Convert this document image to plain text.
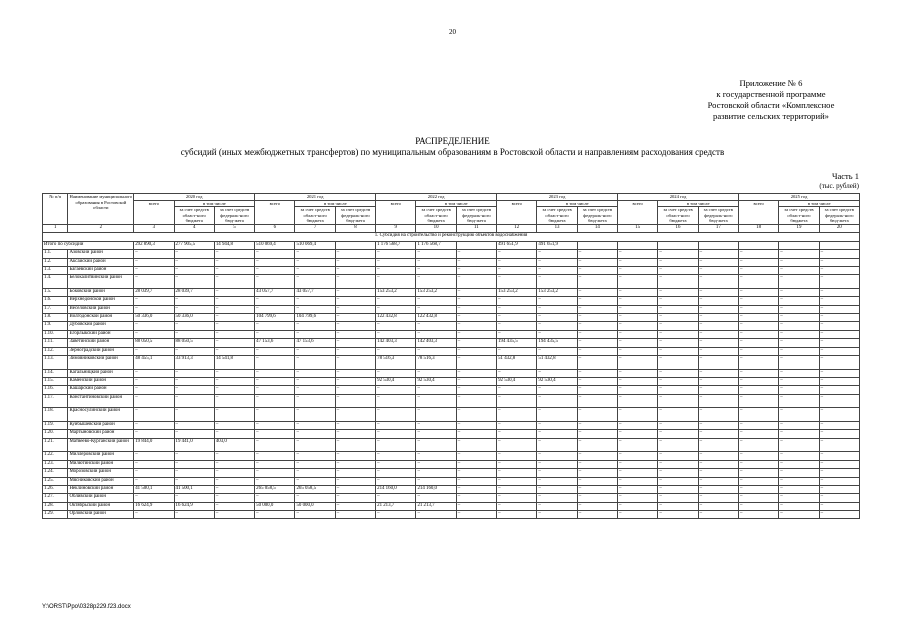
20
Приложение № 6
к государственной программе
Ростовской области «Комплексное
развитие сельских территорий»
РАСПРЕДЕЛЕНИЕ
субсидий (иных межбюджетных трансфертов) по муниципальным образованиям в Ростовской области и направлениям расходования средств
Часть 1
(тыс. рублей)
№ п/п	Наименование муниципального образования в Ростовской области	2020 год			2021 год			2022 год			2023 год			2024 год			2025 год		
		всего	в том числе		всего	в том числе		всего	в том числе		всего	в том числе		всего	в том числе		всего	в том числе	
			за счет средств област-ного бюджета	за счет средств федераль-ного бюд-жета		за счет средств област-ного бюджета	за счет средств федераль-ного бюд-жета		за счет средств област-ного бюджета	за счет средств федераль-ного бюд-жета		за счет средств област-ного бюджета	за счет средств федераль-ного бюд-жета		за счет средств област-ного бюджета	за счет средств федераль-ного бюд-жета		за счет средств област-ного бюджета	за счет средств федераль-ного бюд-жета
1	2	3	4	5	6	7	8	9	10	11	12	13	14	15	16	17	18	19	20
1. Субсидия на строительство и реконструкцию объектов водоснабжения																			
Итого по субсидии		292 890,3	277 905,5	14 944,8	510 069,4	510 069,4		1 176 568,7	1 176 568,7		491 651,9	491 651,9							
1.1.	Азовский район	–	–	–	–	–	–	–	–	–	–	–	–	–	–	–	–	–	–
1.2.	Аксайский район	–	–	–	–	–	–	–	–	–	–	–	–	–	–	–	–	–	–
1.3.	Багаевский район	–	–	–	–	–	–	–	–	–	–	–	–	–	–	–	–	–	–
1.4.	Белокалитвинский район	–	–	–	–	–	–	–	–	–	–	–	–	–	–	–	–	–	–
1.5.	Боковский район	28 039,7	28 039,7	–	43 057,7	43 057,7	–	153 253,2	153 253,2	–	153 253,2	153 253,2	–	–	–	–	–	–	–
1.6.	Верхнедонской район	–	–	–	–	–	–	–	–	–	–	–	–	–	–	–	–	–	–
1.7.	Веселовский район	–	–	–	–	–	–	–	–	–	–	–	–	–	–	–	–	–	–
1.8.	Волгодонской район	50 336,0	50 336,0	–	104 799,6	104 799,6	–	122 432,8	122 432,8	–	–	–	–	–	–	–	–	–	–
1.9.	Дубовский район	–	–	–	–	–	–	–	–	–	–	–	–	–	–	–	–	–	–
1.10.	Егорлыкский район	–	–	–	–	–	–	–	–	–	–	–	–	–	–	–	–	–	–
1.11.	Заветинский район	88 050,5	88 050,5	–	47 153,6	47 153,6	–	142 403,3	142 403,3	–	194 435,5	194 435,5	–	–	–	–	–	–	–
1.12.	Зерноградский район	–	–	–	–	–	–	–	–	–	–	–	–	–	–	–	–	–	–
1.13.	Зимовниковский район	48 455,1	33 913,3	14 541,8	–	–	–	78 516,3	78 516,3	–	51 432,8	51 432,8	–	–	–	–	–	–	–
1.14.	Кагальницкий район	–	–	–	–	–	–	–	–	–	–	–	–	–	–	–	–	–	–
1.15.	Каменский район	–	–	–	–	–	–	92 530,4	92 530,4	–	92 530,4	92 530,4	–	–	–	–	–	–	–
1.16.	Кашарский район	–	–	–	–	–	–	–	–	–	–	–	–	–	–	–	–	–	–
1.17.	Константиновский район	–	–	–	–	–	–	–	–	–	–	–	–	–	–	–	–	–	–
1.18.	Красносулинский район	–	–	–	–	–	–	–	–	–	–	–	–	–	–	–	–	–	–
1.19.	Куйбышевский район	–	–	–	–	–	–	–	–	–	–	–	–	–	–	–	–	–	–
1.20.	Мартыновский район	–	–	–	–	–	–	–	–	–	–	–	–	–	–	–	–	–	–
1.21.	Матвеево-Курганский район	19 844,0	19 441,0	403,0	–	–	–	–	–	–	–	–	–	–	–	–	–	–	–
1.22.	Миллеровский район	–	–	–	–	–	–	–	–	–	–	–	–	–	–	–	–	–	–
1.23.	Милютинский район	–	–	–	–	–	–	–	–	–	–	–	–	–	–	–	–	–	–
1.24.	Морозовский район	–	–	–	–	–	–	–	–	–	–	–	–	–	–	–	–	–	–
1.25.	Мясниковский район	–	–	–	–	–	–	–	–	–	–	–	–	–	–	–	–	–	–
1.26.	Неклиновский район	41 500,1	41 500,1	–	265 058,5	265 058,5	–	214 160,0	214 160,0	–	–	–	–	–	–	–	–	–	–
1.27.	Обливский район	–	–	–	–	–	–	–	–	–	–	–	–	–	–	–	–	–	–
1.28.	Октябрьский район	16 624,9	16 624,9	–	50 000,0	50 000,0	–	21 213,7	21 213,7	–	–	–	–	–	–	–	–	–	–
1.29.	Орловский район	–	–	–	–	–	–	–	–	–	–	–	–	–	–	–	–	–	–
Y:\ORST\Ppo\0328p229.f23.docx
